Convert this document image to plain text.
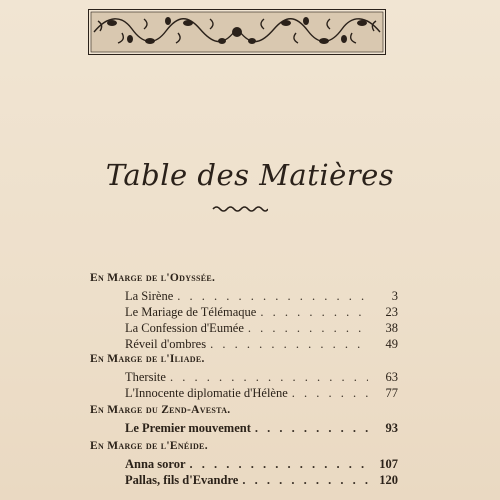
Table des Matières
En Marge de l'Odyssée.
La Sirène . . .	3
Le Mariage de Télémaque . . .	23
La Confession d'Eumée . . .	38
Réveil d'ombres . . .	49
En Marge de l'Iliade.
Thersite . . .	63
L'Innocente diplomatie d'Hélène . . .	77
En Marge du Zend-Avesta.
Le Premier mouvement . . .	93
En Marge de l'Enéide.
Anna soror . . .	107
Pallas, fils d'Evandre . . .	120
